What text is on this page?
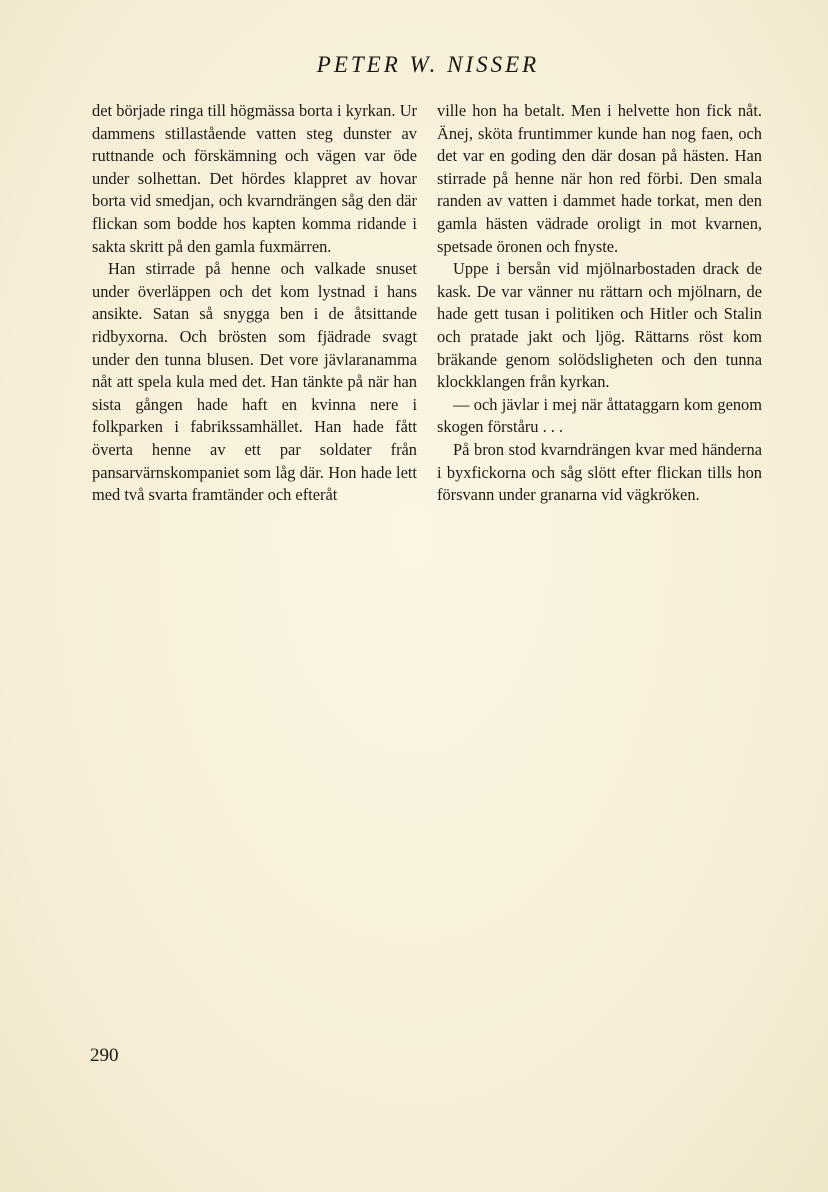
PETER W. NISSER

det började ringa till högmässa borta i kyrkan. Ur dammens stillastående vatten steg dunster av ruttnande och förskämning och vägen var öde under solhettan. Det hördes klappret av hovar borta vid smedjan, och kvarndrängen såg den där flickan som bodde hos kapten komma ridande i sakta skritt på den gamla fuxmärren.

Han stirrade på henne och valkade snuset under överläppen och det kom lystnad i hans ansikte. Satan så snygga ben i de åtsittande ridbyxorna. Och brösten som fjädrade svagt under den tunna blusen. Det vore jävlaranamma nåt att spela kula med det. Han tänkte på när han sista gången hade haft en kvinna nere i folkparken i fabrikssamhället. Han hade fått överta henne av ett par soldater från pansarvärnskompaniet som låg där. Hon hade lett med två svarta framtänder och efteråt

ville hon ha betalt. Men i helvette hon fick nåt. Änej, sköta fruntimmer kunde han nog faen, och det var en goding den där dosan på hästen. Han stirrade på henne när hon red förbi. Den smala randen av vatten i dammet hade torkat, men den gamla hästen vädrade oroligt in mot kvarnen, spetsade öronen och fnyste.

Uppe i bersån vid mjölnarbostaden drack de kask. De var vänner nu rättarn och mjölnarn, de hade gett tusan i politiken och Hitler och Stalin och pratade jakt och ljög. Rättarns röst kom bräkande genom solödsligheten och den tunna klockklangen från kyrkan.

— och jävlar i mej när åttataggarn kom genom skogen förståru . . .

På bron stod kvarndrängen kvar med händerna i byxfickorna och såg slött efter flickan tills hon försvann under granarna vid vägkröken.

290
